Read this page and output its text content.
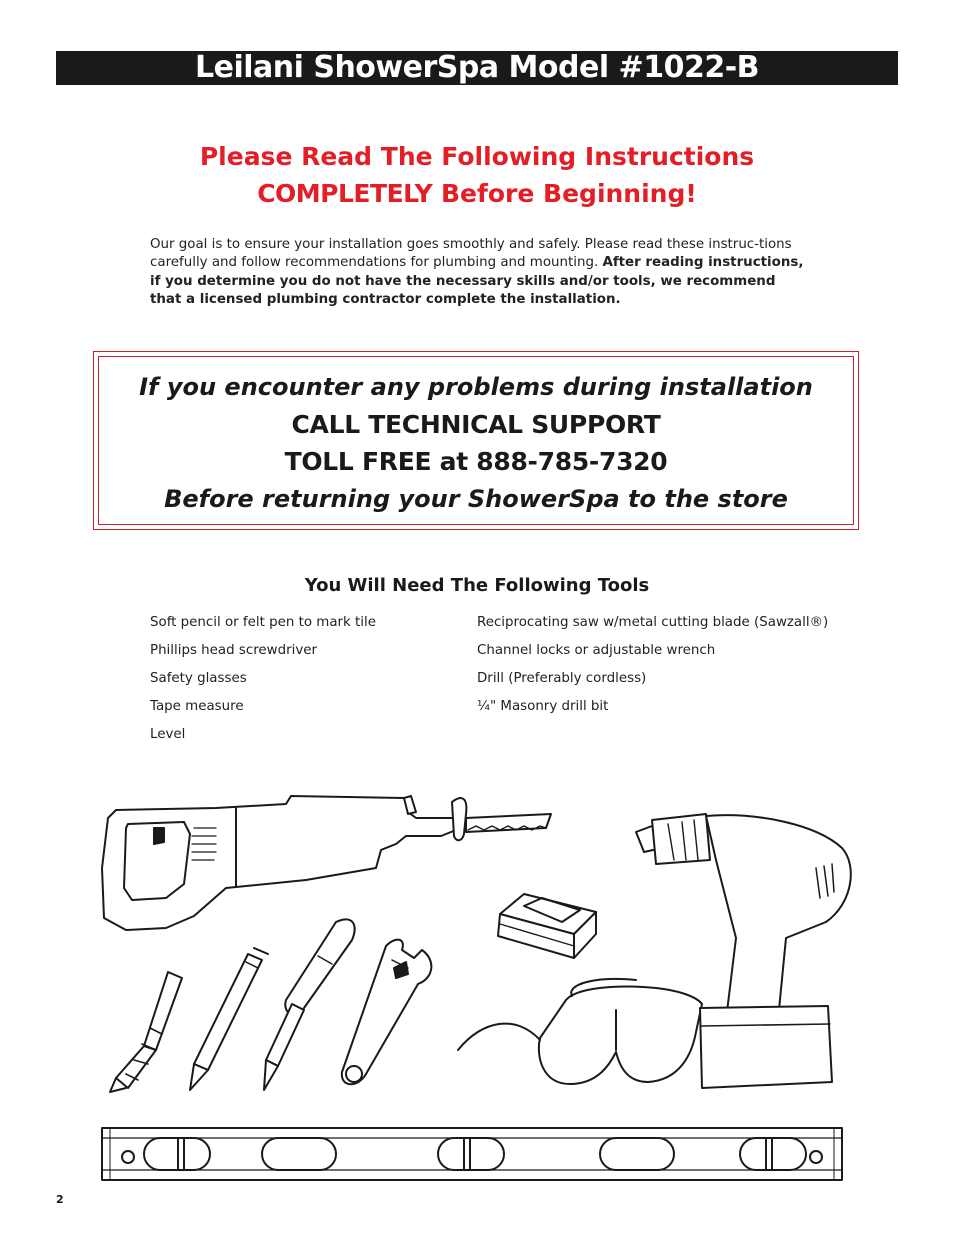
Leilani ShowerSpa Model #1022-B

Please Read The Following Instructions

COMPLETELY Before Beginning!

Our goal is to ensure your installation goes smoothly and safely. Please read these instruc-tions carefully and follow recommendations for plumbing and mounting. After reading instructions, if you determine you do not have the necessary skills and/or tools, we recommend that a licensed plumbing contractor complete the installation.

If you encounter any problems during installation

CALL TECHNICAL SUPPORT

TOLL FREE at 888-785-7320

Before returning your ShowerSpa to the store

You Will Need The Following Tools
Soft pencil or felt pen to mark tile
Phillips head screwdriver
Safety glasses
Tape measure
Level
Reciprocating saw w/metal cutting blade (Sawzall®)
Channel locks or adjustable wrench
Drill (Preferably cordless)
¼" Masonry drill bit
2
